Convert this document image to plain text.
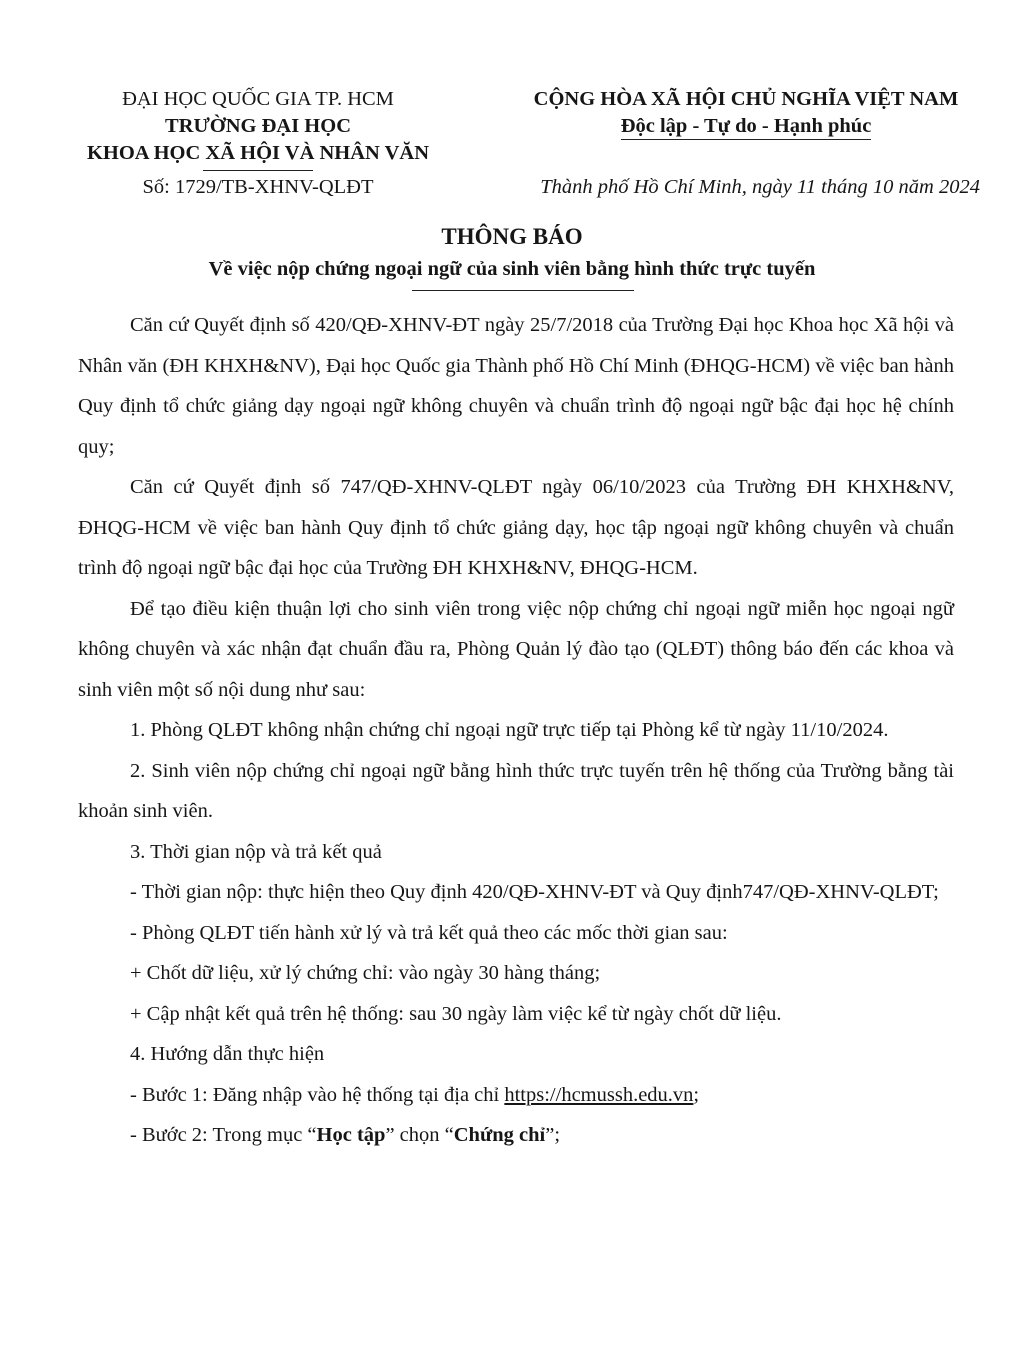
ĐẠI HỌC QUỐC GIA TP. HCM
TRƯỜNG ĐẠI HỌC
KHOA HỌC XÃ HỘI VÀ NHÂN VĂN
CỘNG HÒA XÃ HỘI CHỦ NGHĨA VIỆT NAM
Độc lập - Tự do - Hạnh phúc
Số: 1729/TB-XHNV-QLĐT	Thành phố Hồ Chí Minh, ngày 11 tháng 10 năm 2024
THÔNG BÁO
Về việc nộp chứng ngoại ngữ của sinh viên bằng hình thức trực tuyến

Căn cứ Quyết định số 420/QĐ-XHNV-ĐT ngày 25/7/2018 của Trường Đại học Khoa học Xã hội và Nhân văn (ĐH KHXH&NV), Đại học Quốc gia Thành phố Hồ Chí Minh (ĐHQG-HCM) về việc ban hành Quy định tổ chức giảng dạy ngoại ngữ không chuyên và chuẩn trình độ ngoại ngữ bậc đại học hệ chính quy;

Căn cứ Quyết định số 747/QĐ-XHNV-QLĐT ngày 06/10/2023 của Trường ĐH KHXH&NV, ĐHQG-HCM về việc ban hành Quy định tổ chức giảng dạy, học tập ngoại ngữ không chuyên và chuẩn trình độ ngoại ngữ bậc đại học của Trường ĐH KHXH&NV, ĐHQG-HCM.

Để tạo điều kiện thuận lợi cho sinh viên trong việc nộp chứng chỉ ngoại ngữ miễn học ngoại ngữ không chuyên và xác nhận đạt chuẩn đầu ra, Phòng Quản lý đào tạo (QLĐT) thông báo đến các khoa và sinh viên một số nội dung như sau:

1. Phòng QLĐT không nhận chứng chỉ ngoại ngữ trực tiếp tại Phòng kể từ ngày 11/10/2024.

2. Sinh viên nộp chứng chỉ ngoại ngữ bằng hình thức trực tuyến trên hệ thống của Trường bằng tài khoản sinh viên.

3. Thời gian nộp và trả kết quả

- Thời gian nộp: thực hiện theo Quy định 420/QĐ-XHNV-ĐT và Quy định747/QĐ-XHNV-QLĐT;

- Phòng QLĐT tiến hành xử lý và trả kết quả theo các mốc thời gian sau:

+ Chốt dữ liệu, xử lý chứng chỉ: vào ngày 30 hàng tháng;

+ Cập nhật kết quả trên hệ thống: sau 30 ngày làm việc kể từ ngày chốt dữ liệu.

4. Hướng dẫn thực hiện

- Bước 1: Đăng nhập vào hệ thống tại địa chỉ https://hcmussh.edu.vn;

- Bước 2: Trong mục “Học tập” chọn “Chứng chỉ”;
